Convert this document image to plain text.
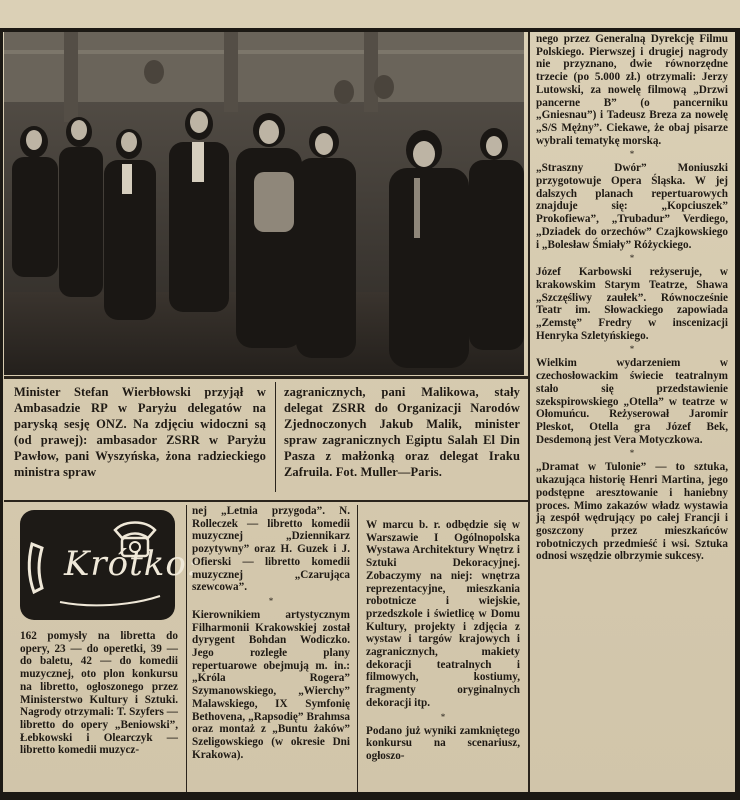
Minister Stefan Wierbłowski przyjął w Ambasadzie RP w Paryżu delegatów na paryską sesję ONZ. Na zdjęciu widoczni są (od prawej): ambasador ZSRR w Paryżu Pawłow, pani Wyszyńska, żona radzieckiego ministra spraw
zagranicznych, pani Malikowa, stały delegat ZSRR do Organizacji Narodów Zjednoczonych Jakub Malik, minister spraw zagranicznych Egiptu Salah El Din Pasza z małżonką oraz delegat Iraku Zafruila. Fot. Muller—Paris.

nego przez Generalną Dyrekcję Filmu Polskiego. Pierwszej i drugiej nagrody nie przyznano, dwie równorzędne trzecie (po 5.000 zł.) otrzymali: Jerzy Lutowski, za nowelę filmową „Drzwi pancerne B” (o pancerniku „Gniesnau”) i Tadeusz Breza za nowelę „S/S Mężny”. Ciekawe, że obaj pisarze wybrali tematykę morską.

*

„Straszny Dwór” Moniuszki przygotowuje Opera Śląska. W jej dalszych planach repertuarowych znajduje się: „Kopciuszek” Prokofiewa”, „Trubadur” Verdiego, „Dziadek do orzechów” Czajkowskiego i „Bolesław Śmiały” Różyckiego.

*

Józef Karbowski reżyseruje, w krakowskim Starym Teatrze, Shawa „Szczęśliwy zaułek”. Równocześnie Teatr im. Słowackiego zapowiada „Zemstę” Fredry w inscenizacji Henryka Szletyńskiego.

*

Wielkim wydarzeniem w czechosłowackim świecie teatralnym stało się przedstawienie szekspirowskiego „Otella” w teatrze w Ołomuńcu. Reżyserował Jaromir Pleskot, Otella gra Józef Bek, Desdemoną jest Vera Motyczkowa.

*

„Dramat w Tulonie” — to sztuka, ukazująca historię Henri Martina, jego podstępne aresztowanie i haniebny proces. Mimo zakazów władz wystawia ją zespół wędrujący po całej Francji i goszczony przez mieszkańców robotniczych przedmieść i wsi. Sztuka odnosi wszędzie olbrzymie sukcesy.

Krótko:
162 pomysły na libretta do opery, 23 — do operetki, 39 — do baletu, 42 — do komedii muzycznej, oto plon konkursu na libretto, ogłoszonego przez Ministerstwo Kultury i Sztuki. Nagrody otrzymali: T. Szyfers — libretto do opery „Beniowski”, Łebkowski i Olearczyk — libretto komedii muzycz-

nej „Letnia przygoda”. N. Rolleczek — libretto komedii muzycznej „Dziennikarz pozytywny” oraz H. Guzek i J. Ofierski — libretto komedii muzycznej „Czarująca szewcowa”.

*

Kierownikiem artystycznym Filharmonii Krakowskiej został dyrygent Bohdan Wodiczko. Jego rozległe plany repertuarowe obejmują m. in.: „Króla Rogera” Szymanowskiego, „Wierchy” Malawskiego, IX Symfonię Bethovena, „Rapsodię” Brahmsa oraz montaż z „Buntu żaków” Szeligowskiego (w okresie Dni Krakowa).

W marcu b. r. odbędzie się w Warszawie I Ogólnopolska Wystawa Architektury Wnętrz i Sztuki Dekoracyjnej. Zobaczymy na niej: wnętrza reprezentacyjne, mieszkania robotnicze i wiejskie, przedszkole i świetlicę w Domu Kultury, projekty i zdjęcia z wystaw i targów krajowych i zagranicznych, makiety dekoracji teatralnych i filmowych, kostiumy, fragmenty oryginalnych dekoracji itp.

*

Podano już wyniki zamkniętego konkursu na scenariusz, ogłoszo-
